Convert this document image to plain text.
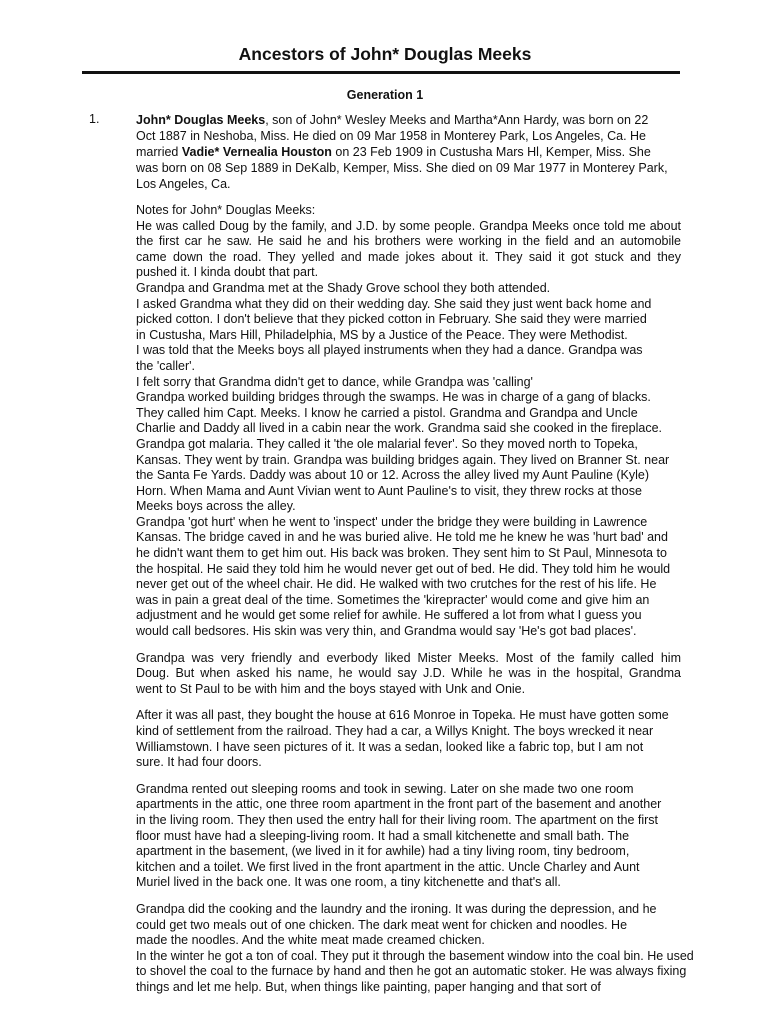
Ancestors of John* Douglas Meeks
Generation 1
1.	John* Douglas Meeks, son of John* Wesley Meeks and Martha*Ann Hardy, was born on 22
Oct 1887 in Neshoba, Miss. He died on 09 Mar 1958 in Monterey Park, Los Angeles, Ca. He
married Vadie* Vernealia Houston on 23 Feb 1909 in Custusha Mars Hl, Kemper, Miss. She
was born on 08 Sep 1889 in DeKalb, Kemper, Miss. She died on 09 Mar 1977 in Monterey Park,
Los Angeles, Ca.
Notes for John* Douglas Meeks:
He was called Doug by the family, and J.D. by some people. Grandpa Meeks once told me about
the first car he saw. He said he and his brothers were working in the field and an automobile
came down the road. They yelled and made jokes about it. They said it got stuck and they
pushed it. I kinda doubt that part.
Grandpa and Grandma met at the Shady Grove school they both attended.
I asked Grandma what they did on their wedding day. She said they just went back home and
picked cotton. I don't believe that they picked cotton in February. She said they were married
in Custusha, Mars Hill, Philadelphia, MS by a Justice of the Peace. They were Methodist.
I was told that the Meeks boys all played instruments when they had a dance. Grandpa was
the 'caller'.
I felt sorry that Grandma didn't get to dance, while Grandpa was 'calling'
Grandpa worked building bridges through the swamps. He was in charge of a gang of blacks.
They called him Capt. Meeks. I know he carried a pistol. Grandma and Grandpa and Uncle
Charlie and Daddy all lived in a cabin near the work. Grandma said she cooked in the fireplace.
Grandpa got malaria. They called it 'the ole malarial fever'. So they moved north to Topeka,
Kansas. They went by train. Grandpa was building bridges again. They lived on Branner St. near
the Santa Fe Yards. Daddy was about 10 or 12. Across the alley lived my Aunt Pauline (Kyle)
Horn. When Mama and Aunt Vivian went to Aunt Pauline's to visit, they threw rocks at those
Meeks boys across the alley.
Grandpa 'got hurt' when he went to 'inspect' under the bridge they were building in Lawrence
Kansas. The bridge caved in and he was buried alive. He told me he knew he was 'hurt bad' and
he didn't want them to get him out. His back was broken. They sent him to St Paul, Minnesota to
the hospital. He said they told him he would never get out of bed. He did. They told him he would
never get out of the wheel chair. He did. He walked with two crutches for the rest of his life. He
was in pain a great deal of the time. Sometimes the 'kirepracter' would come and give him an
adjustment and he would get some relief for awhile. He suffered a lot from what I guess you
would call bedsores. His skin was very thin, and Grandma would say 'He's got bad places'.
Grandpa was very friendly and everbody liked Mister Meeks. Most of the family called him
Doug. But when asked his name, he would say J.D. While he was in the hospital, Grandma
went to St Paul to be with him and the boys stayed with Unk and Onie.
After it was all past, they bought the house at 616 Monroe in Topeka. He must have gotten some
kind of settlement from the railroad. They had a car, a Willys Knight. The boys wrecked it near
Williamstown. I have seen pictures of it. It was a sedan, looked like a fabric top, but I am not
sure. It had four doors.
Grandma rented out sleeping rooms and took in sewing. Later on she made two one room
apartments in the attic, one three room apartment in the front part of the basement and another
in the living room. They then used the entry hall for their living room. The apartment on the first
floor must have had a sleeping-living room. It had a small kitchenette and small bath. The
apartment in the basement, (we lived in it for awhile) had a tiny living room, tiny bedroom,
kitchen and a toilet. We first lived in the front apartment in the attic. Uncle Charley and Aunt
Muriel lived in the back one. It was one room, a tiny kitchenette and that's all.
Grandpa did the cooking and the laundry and the ironing. It was during the depression, and he
could get two meals out of one chicken. The dark meat went for chicken and noodles. He
made the noodles. And the white meat made creamed chicken.
In the winter he got a ton of coal. They put it through the basement window into the coal bin. He used
to shovel the coal to the furnace by hand and then he got an automatic stoker. He was always fixing
things and let me help. But, when things like painting, paper hanging and that sort of
